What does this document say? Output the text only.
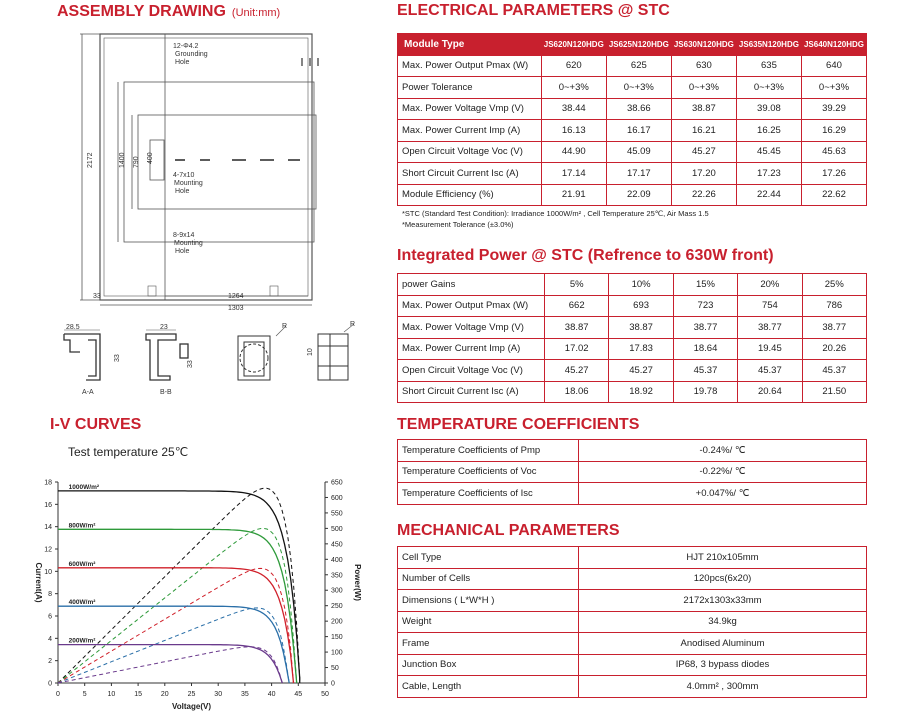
ASSEMBLY DRAWING (Unit:mm)
2172	1400 790 400
1264
1303
33
12-Φ4.2
Grounding
Hole
4-7x10
Mounting
Hole
8-9x14
Mounting
Hole
28.5	23
33
33
10
R	R
A-A	B-B
ELECTRICAL PARAMETERS @ STC
Module Type	JS620N120HDG	JS625N120HDG	JS630N120HDG	JS635N120HDG	JS640N120HDG
Max. Power Output Pmax (W)	620	625	630	635	640
Power Tolerance	0~+3%	0~+3%	0~+3%	0~+3%	0~+3%
Max. Power Voltage Vmp (V)	38.44	38.66	38.87	39.08	39.29
Max. Power Current Imp (A)	16.13	16.17	16.21	16.25	16.29
Open Circuit Voltage Voc (V)	44.90	45.09	45.27	45.45	45.63
Short Circuit Current Isc (A)	17.14	17.17	17.20	17.23	17.26
Module Efficiency (%)	21.91	22.09	22.26	22.44	22.62
*STC (Standard Test Condition): Irradiance 1000W/m² , Cell Temperature 25℃, Air Mass 1.5
*Measurement Tolerance (±3.0%)
Integrated Power @ STC (Refrence to 630W front)
power Gains	5%	10%	15%	20%	25%
Max. Power Output Pmax (W)	662	693	723	754	786
Max. Power Voltage Vmp (V)	38.87	38.87	38.77	38.77	38.77
Max. Power Current Imp (A)	17.02	17.83	18.64	19.45	20.26
Open Circuit Voltage Voc (V)	45.27	45.27	45.37	45.37	45.37
Short Circuit Current Isc (A)	18.06	18.92	19.78	20.64	21.50
TEMPERATURE COEFFICIENTS
Temperature Coefficients of Pmp	-0.24%/ ℃
Temperature Coefficients of Voc	-0.22%/ ℃
Temperature Coefficients of Isc	+0.047%/ ℃
MECHANICAL PARAMETERS
Cell Type	HJT 210x105mm
Number of Cells	120pcs(6x20)
Dimensions ( L*W*H )	2172x1303x33mm
Weight	34.9kg
Frame	Anodised Aluminum
Junction Box	IP68, 3 bypass diodes
Cable, Length	4.0mm² , 300mm
I-V CURVES
Test temperature 25℃
0	5	10	15	20	25	30	35	40	45	50
0
2
4
6
8
10
12
14
16
18
0
50
100
150
200
250
300
350
400
450
500
550
600
650
Voltage(V)
Current(A)	Power(W)
1000W/m²
800W/m²
600W/m²
400W/m²
200W/m²
